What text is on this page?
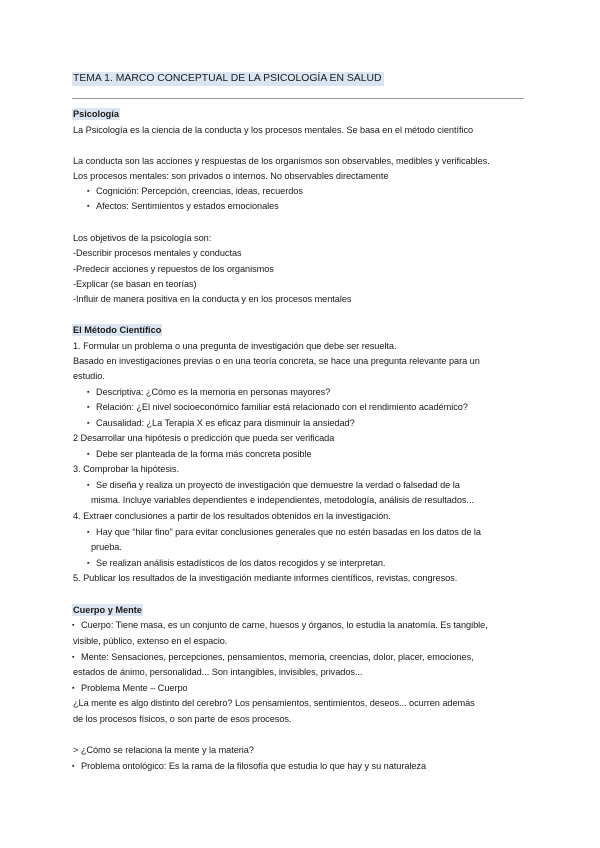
TEMA 1. MARCO CONCEPTUAL DE LA PSICOLOGÍA EN SALUD
Psicología
La Psicología es la ciencia de la conducta y los procesos mentales. Se basa en el método científico
La conducta son las acciones y respuestas de los organismos son observables, medibles y verificables.
Los procesos mentales: son privados o internos. No observables directamente
▪ Cognición: Percepción, creencias, ideas, recuerdos
▪ Afectos: Sentimientos y estados emocionales
Los objetivos de la psicología son:
-Describir procesos mentales y conductas
-Predecir acciones y repuestos de los organismos
-Explicar (se basan en teorías)
-Influir de manera positiva en la conducta y en los procesos mentales
El Método Científico
1. Formular un problema o una pregunta de investigación que debe ser resuelta.
Basado en investigaciones previas o en una teoría concreta, se hace una pregunta relevante para un
estudio.
▪ Descriptiva: ¿Cómo es la memoria en personas mayores?
▪ Relación: ¿El nivel socioeconómico familiar está relacionado con el rendimiento académico?
▪ Causalidad: ¿La Terapia X es eficaz para disminuir la ansiedad?
2 Desarrollar una hipótesis o predicción que pueda ser verificada
▪ Debe ser planteada de la forma más concreta posible
3. Comprobar la hipótesis.
▪ Se diseña y realiza un proyecto de investigación que demuestre la verdad o falsedad de la
misma. Incluye variables dependientes e independientes, metodología, análisis de resultados...
4. Extraer conclusiones a partir de los resultados obtenidos en la investigación.
▪ Hay que “hilar fino” para evitar conclusiones generales que no estén basadas en los datos de la
prueba.
▪ Se realizan análisis estadísticos de los datos recogidos y se interpretan.
5. Publicar los resultados de la investigación mediante informes científicos, revistas, congresos.
Cuerpo y Mente
▪ Cuerpo: Tiene masa, es un conjunto de carne, huesos y órganos, lo estudia la anatomía. Es tangible,
visible, público, extenso en el espacio.
▪ Mente: Sensaciones, percepciones, pensamientos, memoria, creencias, dolor, placer, emociones,
estados de ánimo, personalidad... Son intangibles, invisibles, privados...
▪ Problema Mente – Cuerpo
¿La mente es algo distinto del cerebro? Los pensamientos, sentimientos, deseos... ocurren además
de los procesos físicos, o son parte de esos procesos.
> ¿Cómo se relaciona la mente y la materia?
▪ Problema ontológico: Es la rama de la filosofía que estudia lo que hay y su naturaleza
